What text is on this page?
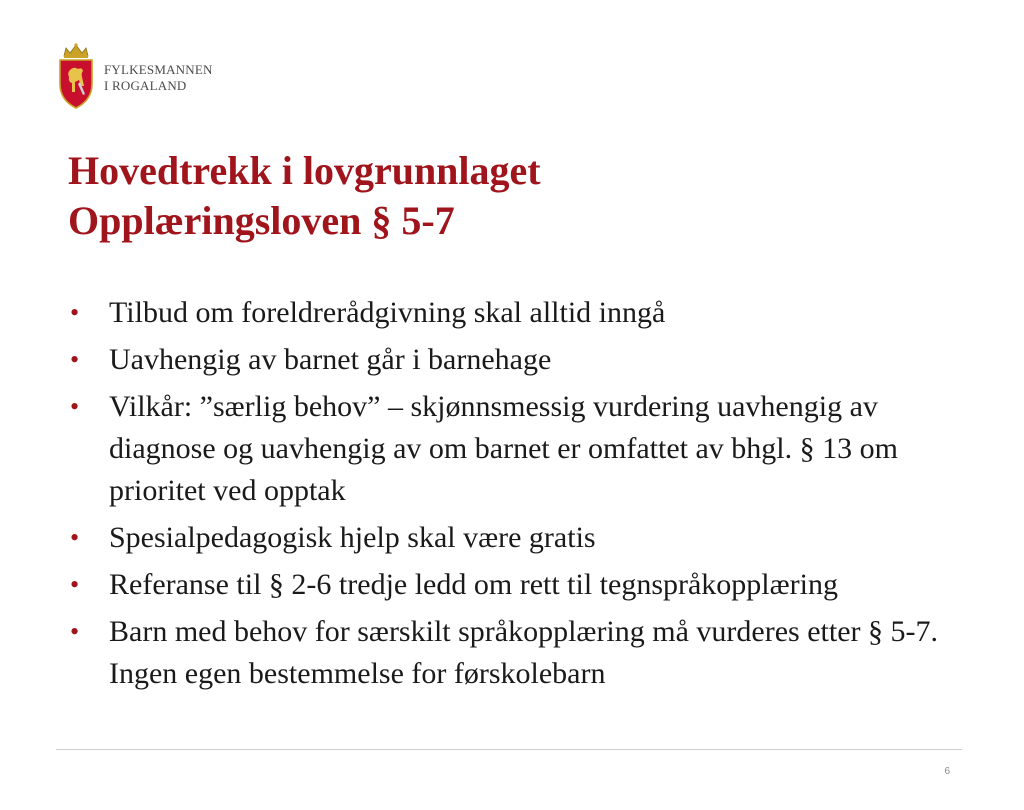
FYLKESMANNEN
I ROGALAND
Hovedtrekk i lovgrunnlaget
Opplæringsloven § 5-7
• Tilbud om foreldrerådgivning skal alltid inngå
• Uavhengig av barnet går i barnehage
• Vilkår: ”særlig behov” – skjønnsmessig vurdering uavhengig av diagnose og uavhengig av om barnet er omfattet av bhgl. § 13 om prioritet ved opptak
• Spesialpedagogisk hjelp skal være gratis
• Referanse til § 2-6 tredje ledd om rett til tegnspråkopplæring
• Barn med behov for særskilt språkopplæring må vurderes etter § 5-7. Ingen egen bestemmelse for førskolebarn
6
